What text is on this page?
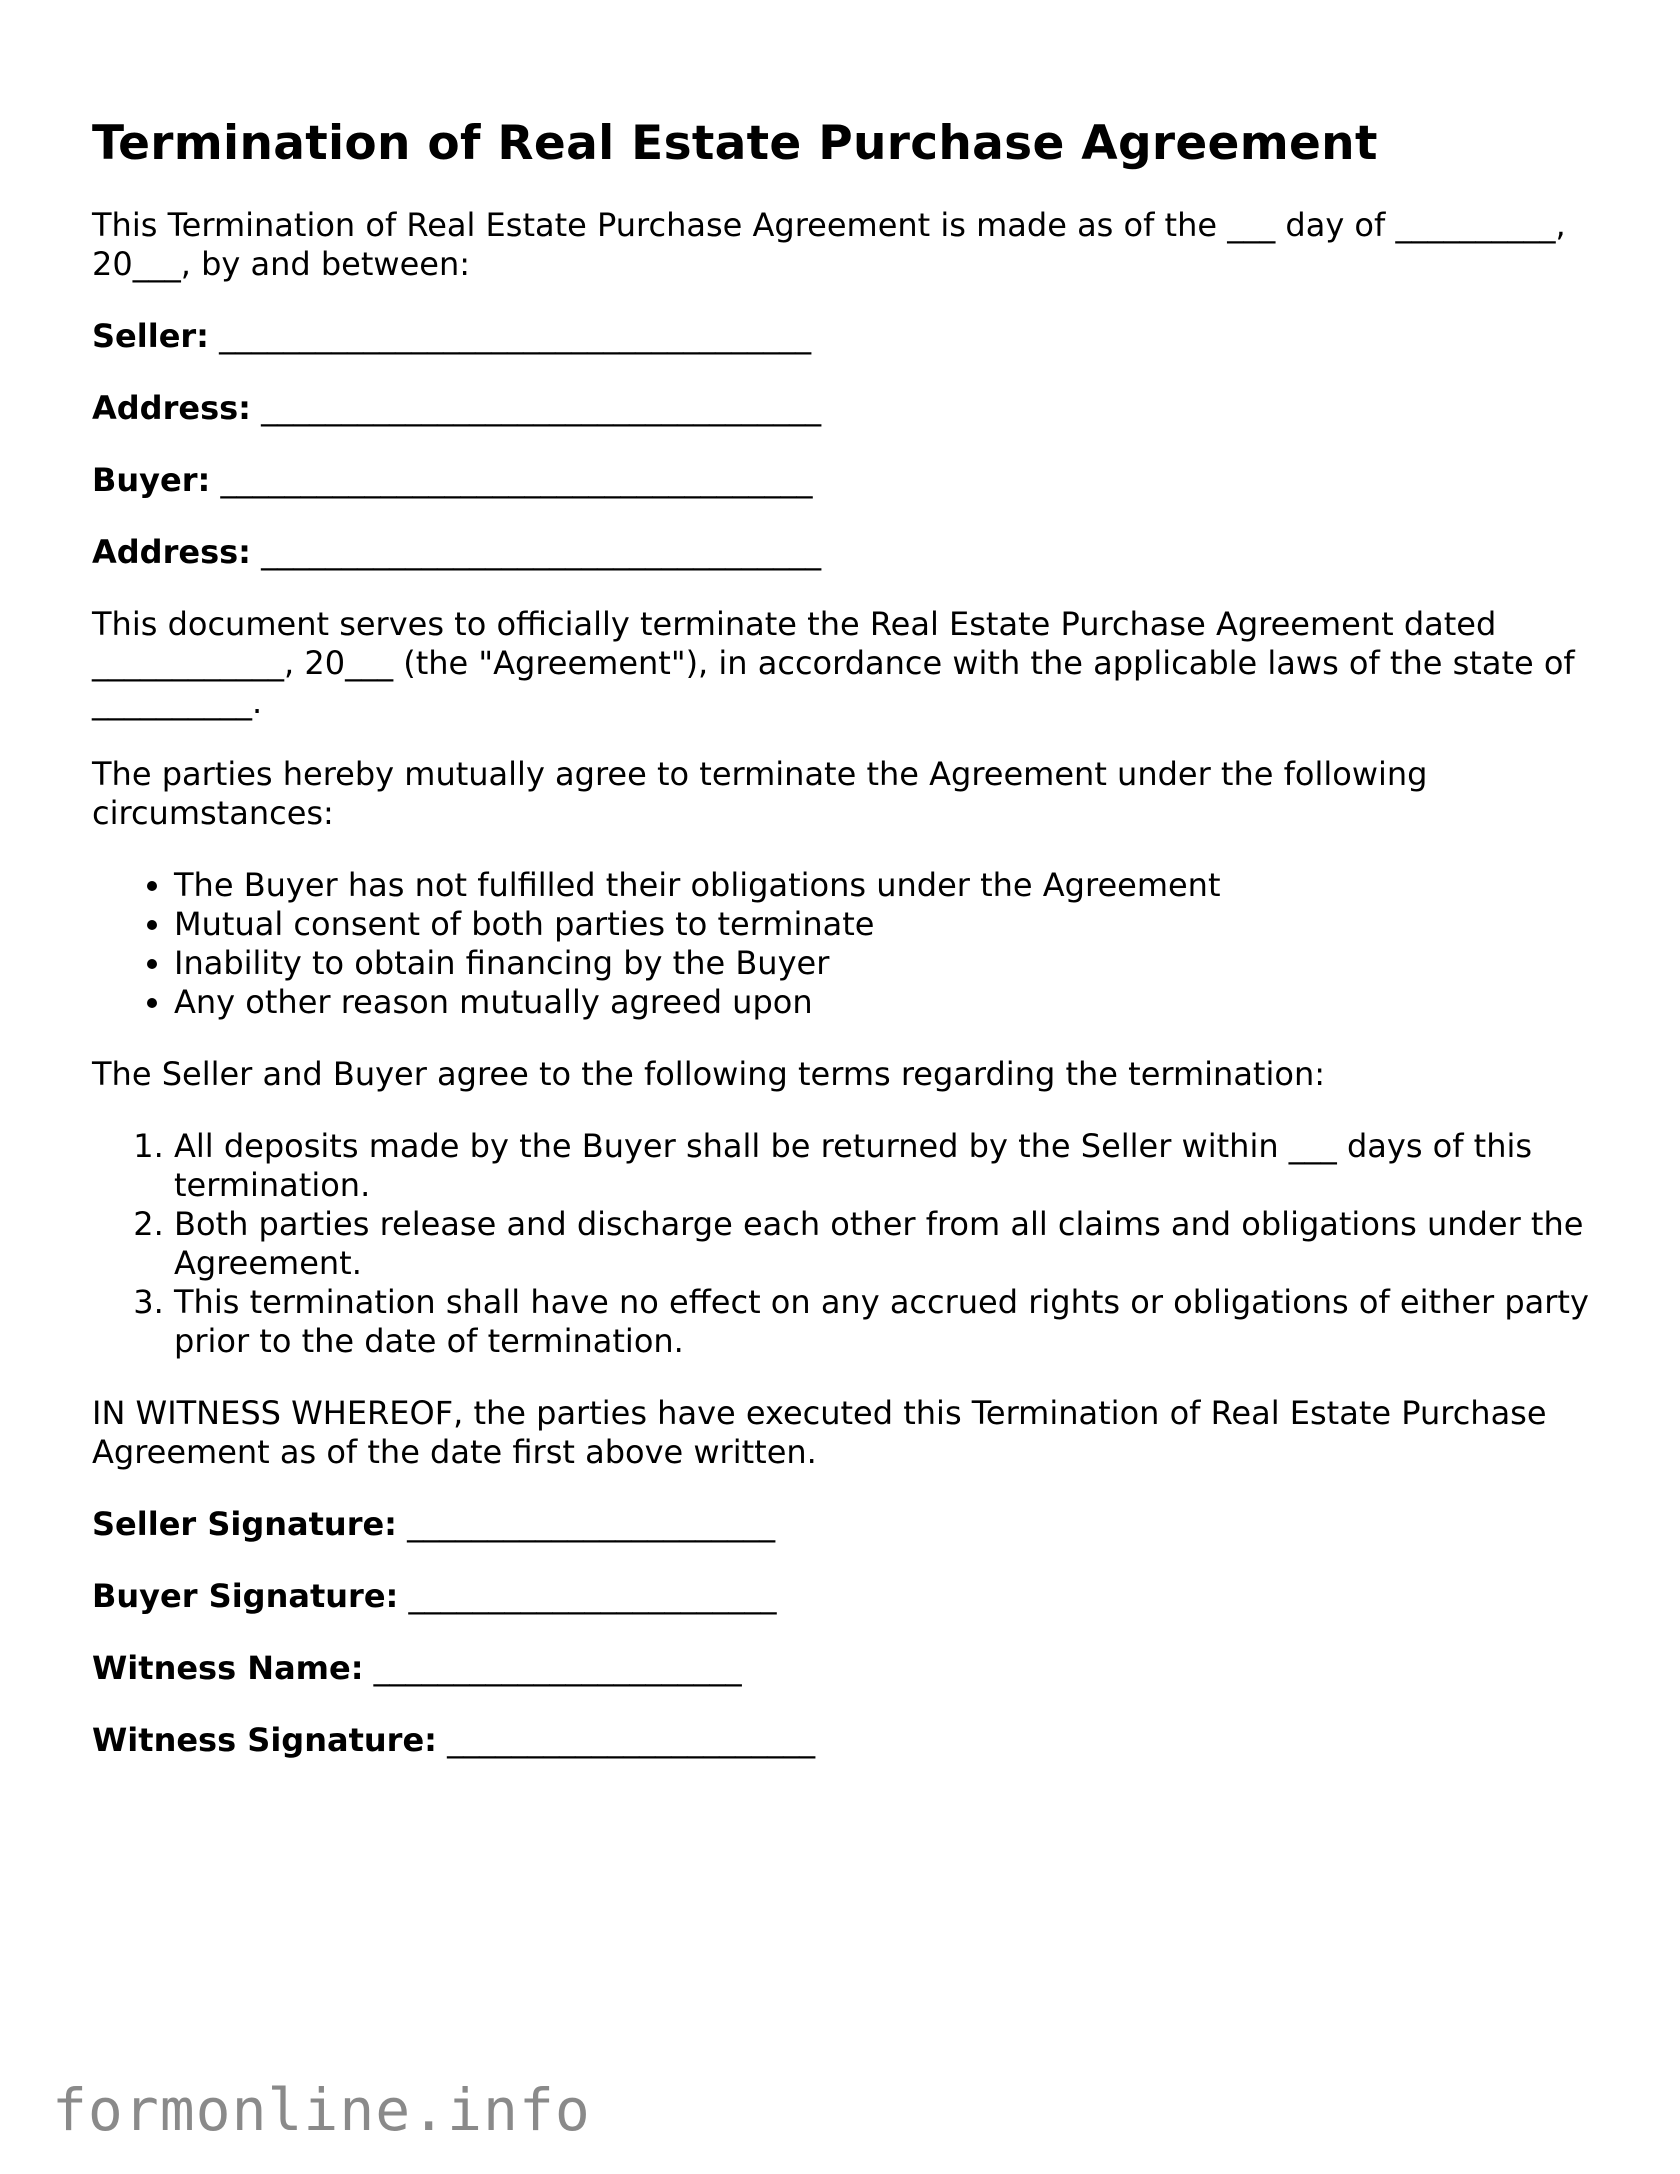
Termination of Real Estate Purchase Agreement

This Termination of Real Estate Purchase Agreement is made as of the ___ day of __________, 20___, by and between:

Seller: _____________________________________
Address: ___________________________________
Buyer: _____________________________________
Address: ___________________________________

This document serves to officially terminate the Real Estate Purchase Agreement dated ____________, 20___ (the "Agreement"), in accordance with the applicable laws of the state of __________.

The parties hereby mutually agree to terminate the Agreement under the following circumstances:

• The Buyer has not fulfilled their obligations under the Agreement
• Mutual consent of both parties to terminate
• Inability to obtain financing by the Buyer
• Any other reason mutually agreed upon

The Seller and Buyer agree to the following terms regarding the termination:

1. All deposits made by the Buyer shall be returned by the Seller within ___ days of this termination.
2. Both parties release and discharge each other from all claims and obligations under the Agreement.
3. This termination shall have no effect on any accrued rights or obligations of either party prior to the date of termination.

IN WITNESS WHEREOF, the parties have executed this Termination of Real Estate Purchase Agreement as of the date first above written.

Seller Signature: _______________________
Buyer Signature: _______________________
Witness Name: _______________________
Witness Signature: _______________________
formonline.info
